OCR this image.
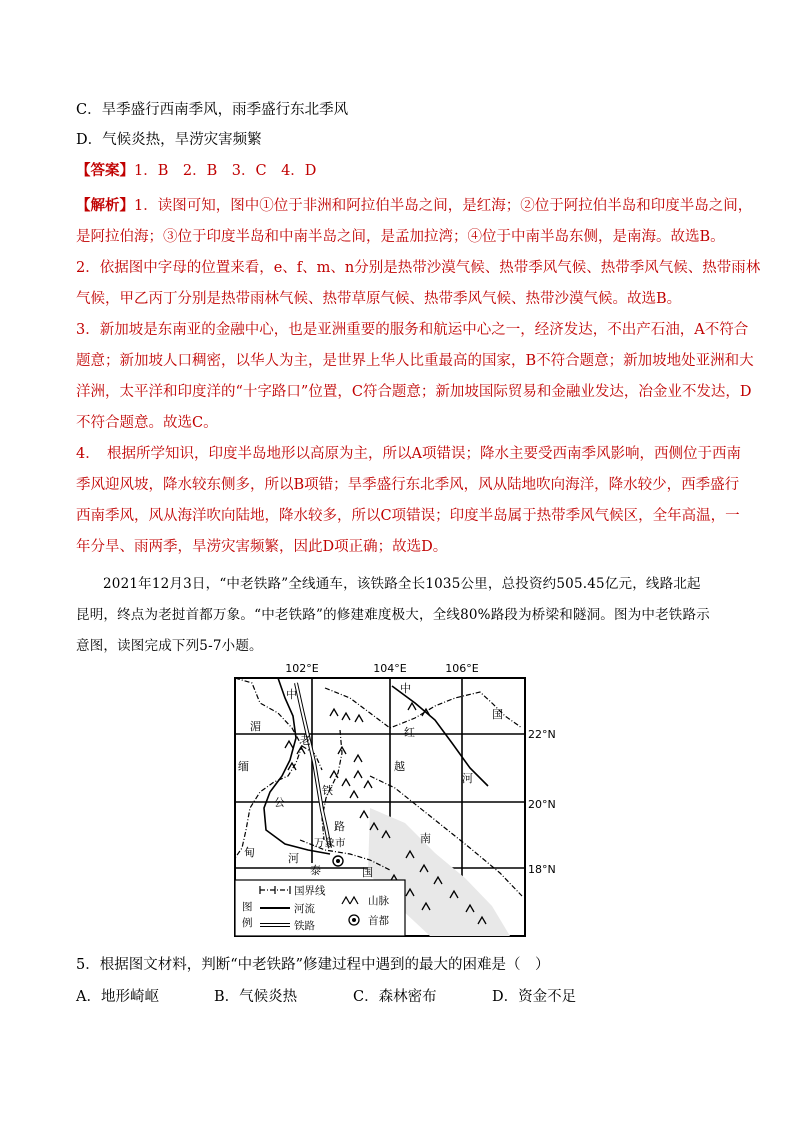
C．旱季盛行西南季风，雨季盛行东北季风
D．气候炎热，旱涝灾害频繁
【答案】1．B　2．B　3．C　4．D
【解析】1．读图可知，图中①位于非洲和阿拉伯半岛之间，是红海；②位于阿拉伯半岛和印度半岛之间，
是阿拉伯海；③位于印度半岛和中南半岛之间，是孟加拉湾；④位于中南半岛东侧，是南海。故选B。
2．依据图中字母的位置来看，e、f、m、n分别是热带沙漠气候、热带季风气候、热带季风气候、热带雨林
气候，甲乙丙丁分别是热带雨林气候、热带草原气候、热带季风气候、热带沙漠气候。故选B。
3．新加坡是东南亚的金融中心，也是亚洲重要的服务和航运中心之一，经济发达，不出产石油，A不符合
题意；新加坡人口稠密，以华人为主，是世界上华人比重最高的国家，B不符合题意；新加坡地处亚洲和大
洋洲，太平洋和印度洋的“十字路口”位置，C符合题意；新加坡国际贸易和金融业发达，冶金业不发达，D
不符合题意。故选C。
4．　根据所学知识，印度半岛地形以高原为主，所以A项错误；降水主要受西南季风影响，西侧位于西南
季风迎风坡，降水较东侧多，所以B项错；旱季盛行东北季风，风从陆地吹向海洋，降水较少，西季盛行
西南季风，风从海洋吹向陆地，降水较多，所以C项错误；印度半岛属于热带季风气候区，全年高温，一
年分旱、雨两季，旱涝灾害频繁，因此D项正确；故选D。
2021年12月3日，“中老铁路”全线通车，该铁路全长1035公里，总投资约505.45亿元，线路北起
昆明，终点为老挝首都万象。“中老铁路”的修建难度极大，全线80%路段为桥梁和隧洞。图为中老铁路示
意图，读图完成下列5-7小题。
102°E	104°E	106°E
22°N
20°N
18°N
中
湄
老
缅
铁
公
路
甸	河
中
红
国
越
河
南
泰	国
万象市
图
例
国界线
河流
铁路
山脉
首都
5．根据图文材料，判断“中老铁路”修建过程中遇到的最大的困难是（　）
A．地形崎岖	B．气候炎热	C．森林密布	D．资金不足
